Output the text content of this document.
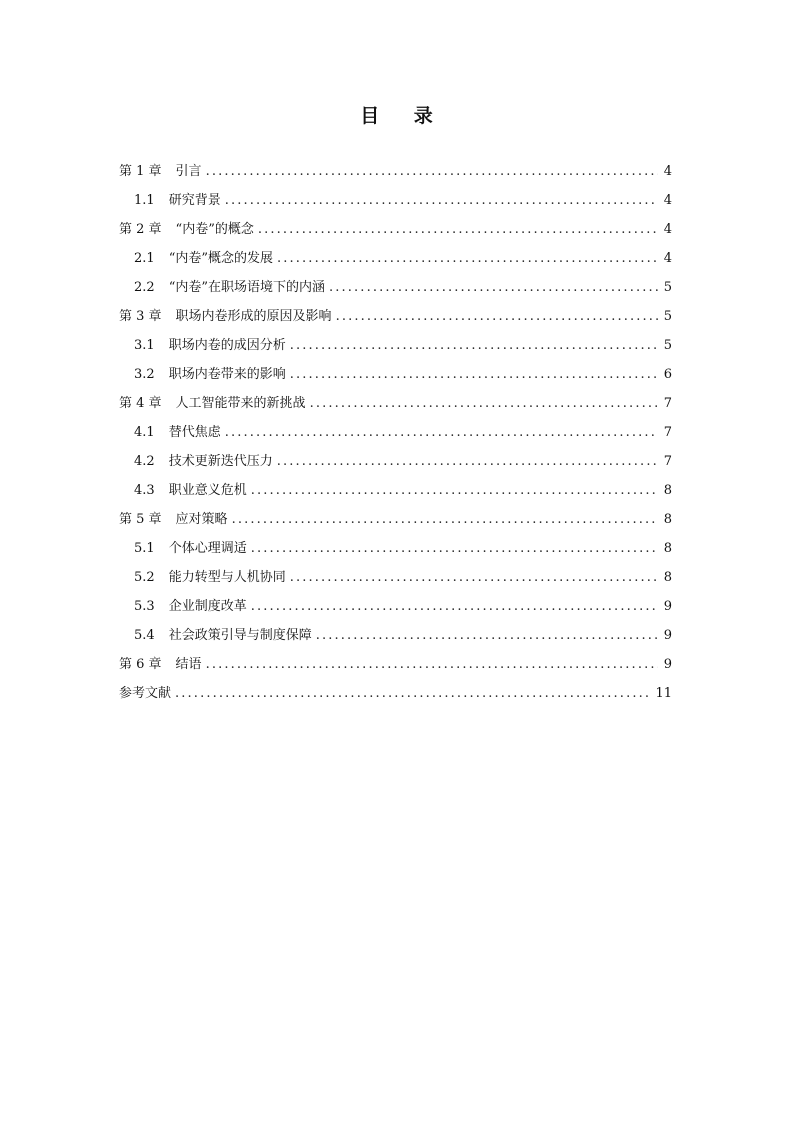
目 录
第 1 章 引言 . . .	4
1.1 研究背景 . . .	4
第 2 章 “内卷”的概念 . . .	4
2.1 “内卷”概念的发展 . . .	4
2.2 “内卷”在职场语境下的内涵 . . .	5
第 3 章 职场内卷形成的原因及影响 . . .	5
3.1 职场内卷的成因分析 . . .	5
3.2 职场内卷带来的影响 . . .	6
第 4 章 人工智能带来的新挑战 . . .	7
4.1 替代焦虑 . . .	7
4.2 技术更新迭代压力 . . .	7
4.3 职业意义危机 . . .	8
第 5 章 应对策略 . . .	8
5.1 个体心理调适 . . .	8
5.2 能力转型与人机协同 . . .	8
5.3 企业制度改革 . . .	9
5.4 社会政策引导与制度保障 . . .	9
第 6 章 结语 . . .	9
参考文献 . . .	11
